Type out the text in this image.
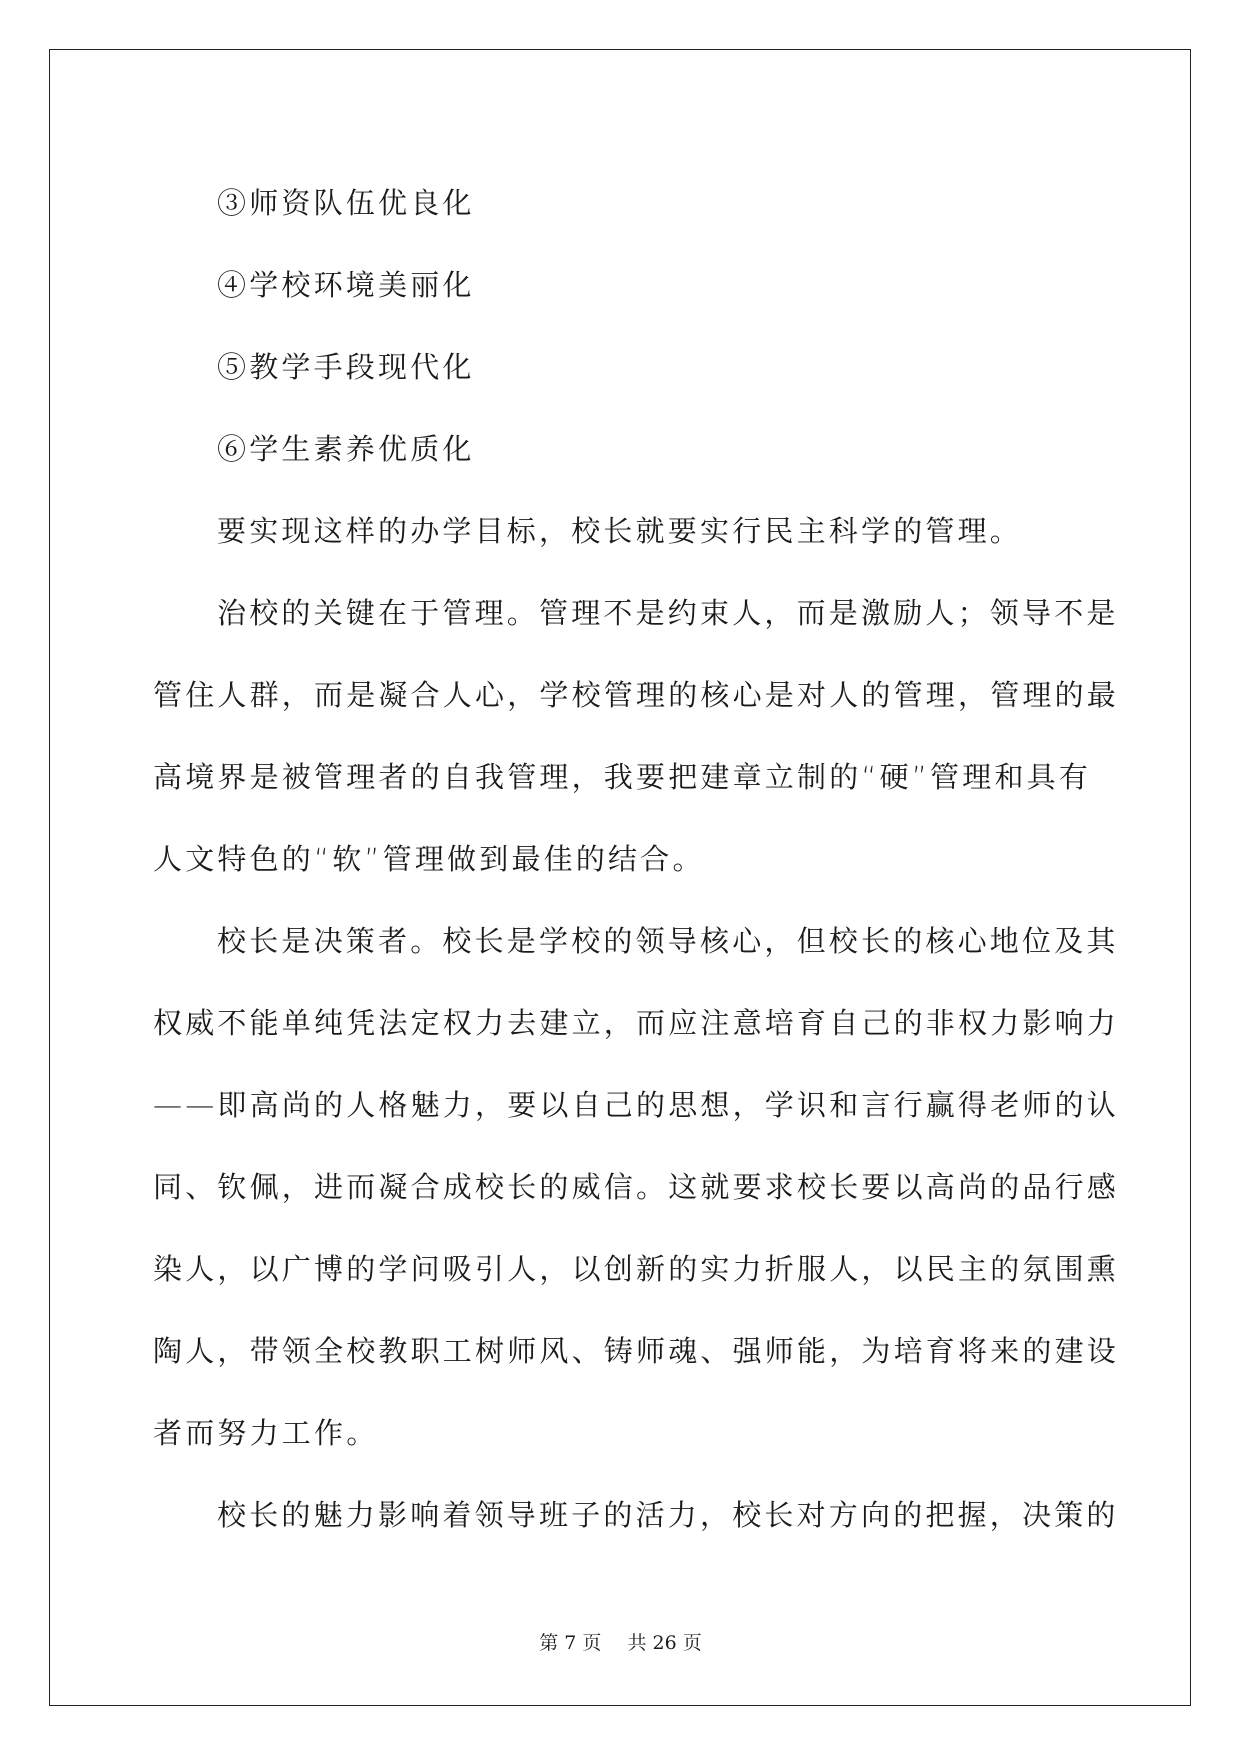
③师资队伍优良化
④学校环境美丽化
⑤教学手段现代化
⑥学生素养优质化
要实现这样的办学目标，校长就要实行民主科学的管理。
治校的关键在于管理。管理不是约束人，而是激励人；领导不是
管住人群，而是凝合人心，学校管理的核心是对人的管理，管理的最
高境界是被管理者的自我管理，我要把建章立制的“硬”管理和具有
人文特色的“软”管理做到最佳的结合。
校长是决策者。校长是学校的领导核心，但校长的核心地位及其
权威不能单纯凭法定权力去建立，而应注意培育自己的非权力影响力
——即高尚的人格魅力，要以自己的思想，学识和言行赢得老师的认
同、钦佩，进而凝合成校长的威信。这就要求校长要以高尚的品行感
染人，以广博的学问吸引人，以创新的实力折服人，以民主的氛围熏
陶人，带领全校教职工树师风、铸师魂、强师能，为培育将来的建设
者而努力工作。
校长的魅力影响着领导班子的活力，校长对方向的把握，决策的
第 7 页 共 26 页
